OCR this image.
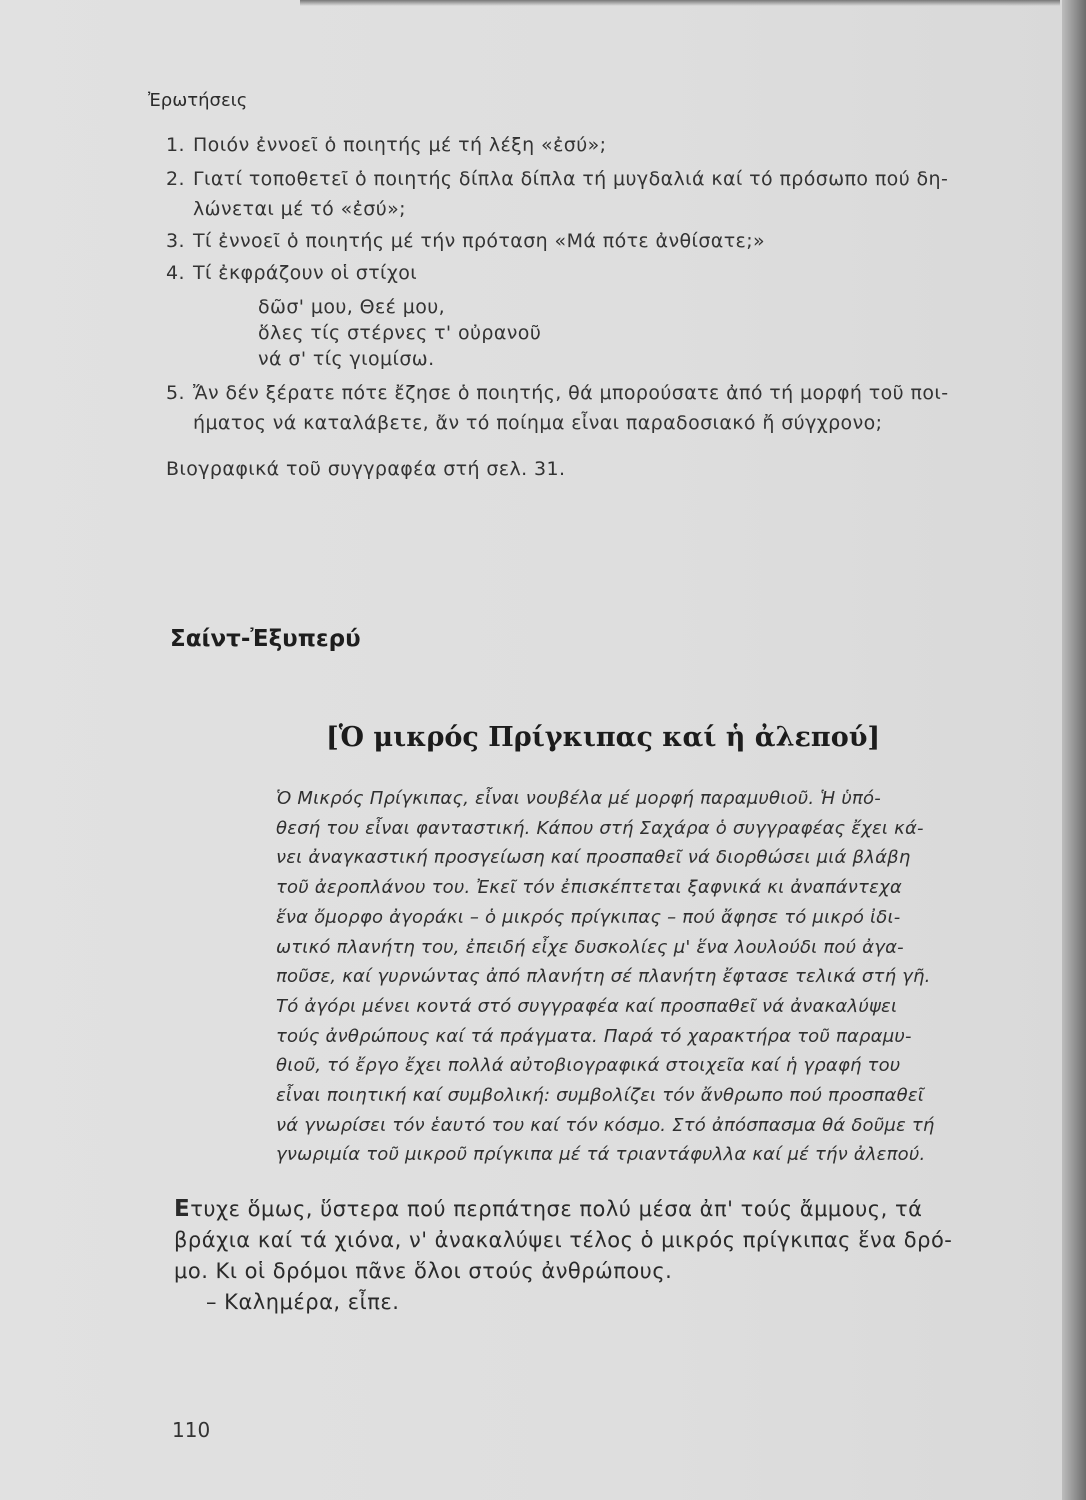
Ἐρωτήσεις
1. Ποιόν ἐννοεῖ ὁ ποιητής μέ τή λέξη «ἐσύ»;
2. Γιατί τοποθετεῖ ὁ ποιητής δίπλα δίπλα τή μυγδαλιά καί τό πρόσωπο πού δη-
λώνεται μέ τό «ἐσύ»;
3. Τί ἐννοεῖ ὁ ποιητής μέ τήν πρόταση «Μά πότε ἀνθίσατε;»
4. Τί ἐκφράζουν οἱ στίχοι
δῶσ' μου, Θεέ μου,
ὅλες τίς στέρνες τ' οὐρανοῦ
νά σ' τίς γιομίσω.
5. Ἄν δέν ξέρατε πότε ἔζησε ὁ ποιητής, θά μπορούσατε ἀπό τή μορφή τοῦ ποι-
ήματος νά καταλάβετε, ἄν τό ποίημα εἶναι παραδοσιακό ἤ σύγχρονο;
Βιογραφικά τοῦ συγγραφέα στή σελ. 31.
Σαίντ-Ἐξυπερύ
[Ὁ μικρός Πρίγκιπας καί ἡ ἀλεπού]
Ὁ Μικρός Πρίγκιπας, εἶναι νουβέλα μέ μορφή παραμυθιοῦ. Ἡ ὑπό-
θεσή του εἶναι φανταστική. Κάπου στή Σαχάρα ὁ συγγραφέας ἔχει κά-
νει ἀναγκαστική προσγείωση καί προσπαθεῖ νά διορθώσει μιά βλάβη
τοῦ ἀεροπλάνου του. Ἐκεῖ τόν ἐπισκέπτεται ξαφνικά κι ἀναπάντεχα
ἕνα ὄμορφο ἀγοράκι – ὁ μικρός πρίγκιπας – πού ἄφησε τό μικρό ἰδι-
ωτικό πλανήτη του, ἐπειδή εἶχε δυσκολίες μ' ἕνα λουλούδι πού ἀγα-
ποῦσε, καί γυρνώντας ἀπό πλανήτη σέ πλανήτη ἔφτασε τελικά στή γῆ.
Τό ἀγόρι μένει κοντά στό συγγραφέα καί προσπαθεῖ νά ἀνακαλύψει
τούς ἀνθρώπους καί τά πράγματα. Παρά τό χαρακτήρα τοῦ παραμυ-
θιοῦ, τό ἔργο ἔχει πολλά αὐτοβιογραφικά στοιχεῖα καί ἡ γραφή του
εἶναι ποιητική καί συμβολική: συμβολίζει τόν ἄνθρωπο πού προσπαθεῖ
νά γνωρίσει τόν ἑαυτό του καί τόν κόσμο. Στό ἀπόσπασμα θά δοῦμε τή
γνωριμία τοῦ μικροῦ πρίγκιπα μέ τά τριαντάφυλλα καί μέ τήν ἀλεπού.
Ετυχε ὅμως, ὕστερα πού περπάτησε πολύ μέσα ἀπ' τούς ἄμμους, τά
βράχια καί τά χιόνα, ν' ἀνακαλύψει τέλος ὁ μικρός πρίγκιπας ἕνα δρό-
μο. Κι οἱ δρόμοι πᾶνε ὅλοι στούς ἀνθρώπους.
– Καλημέρα, εἶπε.
110
